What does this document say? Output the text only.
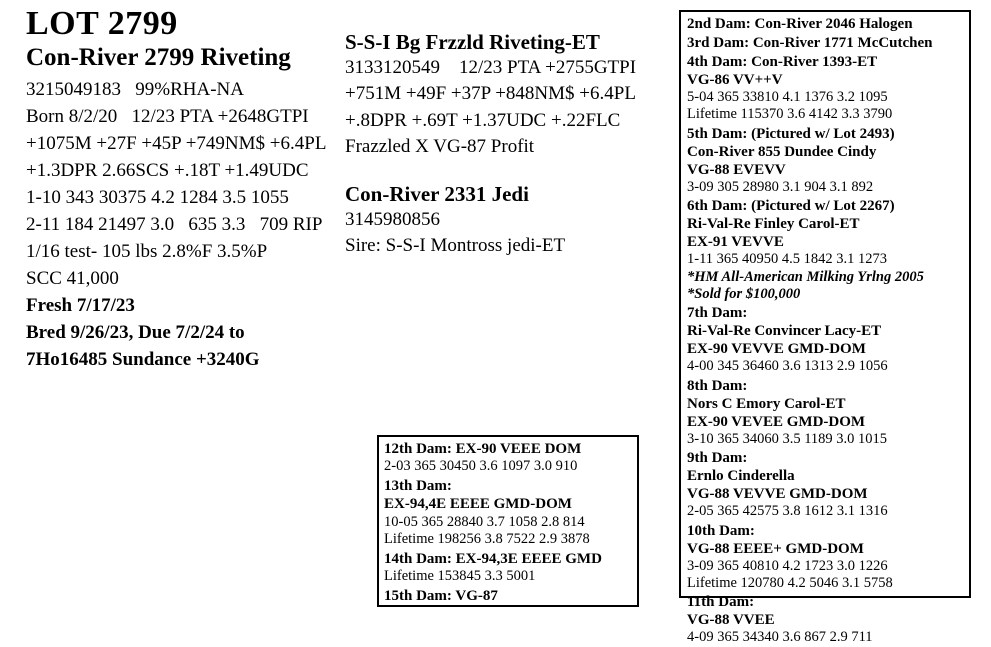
LOT 2799
Con-River 2799 Riveting
3215049183   99%RHA-NA
Born 8/2/20   12/23 PTA +2648GTPI
+1075M +27F +45P +749NM$ +6.4PL
+1.3DPR 2.66SCS +.18T +1.49UDC
1-10 343 30375 4.2 1284 3.5 1055
2-11 184 21497 3.0   635 3.3   709 RIP
1/16 test- 105 lbs 2.8%F 3.5%P
SCC 41,000
Fresh 7/17/23
Bred 9/26/23, Due 7/2/24 to
7Ho16485 Sundance +3240G
S-S-I Bg Frzzld Riveting-ET
3133120549    12/23 PTA +2755GTPI
+751M +49F +37P +848NM$ +6.4PL
+.8DPR +.69T +1.37UDC +.22FLC
Frazzled X VG-87 Profit
Con-River 2331 Jedi
3145980856
Sire: S-S-I Montross jedi-ET
12th Dam: EX-90 VEEE DOM
2-03 365 30450 3.6 1097 3.0 910
13th Dam:
EX-94,4E EEEE GMD-DOM
10-05 365 28840 3.7 1058 2.8 814
Lifetime 198256 3.8 7522 2.9 3878
14th Dam: EX-94,3E EEEE GMD
Lifetime 153845 3.3 5001
15th Dam: VG-87
2nd Dam: Con-River 2046 Halogen
3rd Dam: Con-River 1771 McCutchen
4th Dam: Con-River 1393-ET
VG-86 VV++V
5-04 365 33810 4.1 1376 3.2 1095
Lifetime 115370 3.6 4142 3.3 3790
5th Dam: (Pictured w/ Lot 2493)
Con-River 855 Dundee Cindy
VG-88 EVEVV
3-09 305 28980 3.1 904 3.1 892
6th Dam: (Pictured w/ Lot 2267)
Ri-Val-Re Finley Carol-ET
EX-91 VEVVE
1-11 365 40950 4.5 1842 3.1 1273
*HM All-American Milking Yrlng 2005
*Sold for $100,000
7th Dam:
Ri-Val-Re Convincer Lacy-ET
EX-90 VEVVE GMD-DOM
4-00 345 36460 3.6 1313 2.9 1056
8th Dam:
Nors C Emory Carol-ET
EX-90 VEVEE GMD-DOM
3-10 365 34060 3.5 1189 3.0 1015
9th Dam:
Ernlo Cinderella
VG-88 VEVVE GMD-DOM
2-05 365 42575 3.8 1612 3.1 1316
10th Dam:
VG-88 EEEE+ GMD-DOM
3-09 365 40810 4.2 1723 3.0 1226
Lifetime 120780 4.2 5046 3.1 5758
11th Dam:
VG-88 VVEE
4-09 365 34340 3.6 867 2.9 711
